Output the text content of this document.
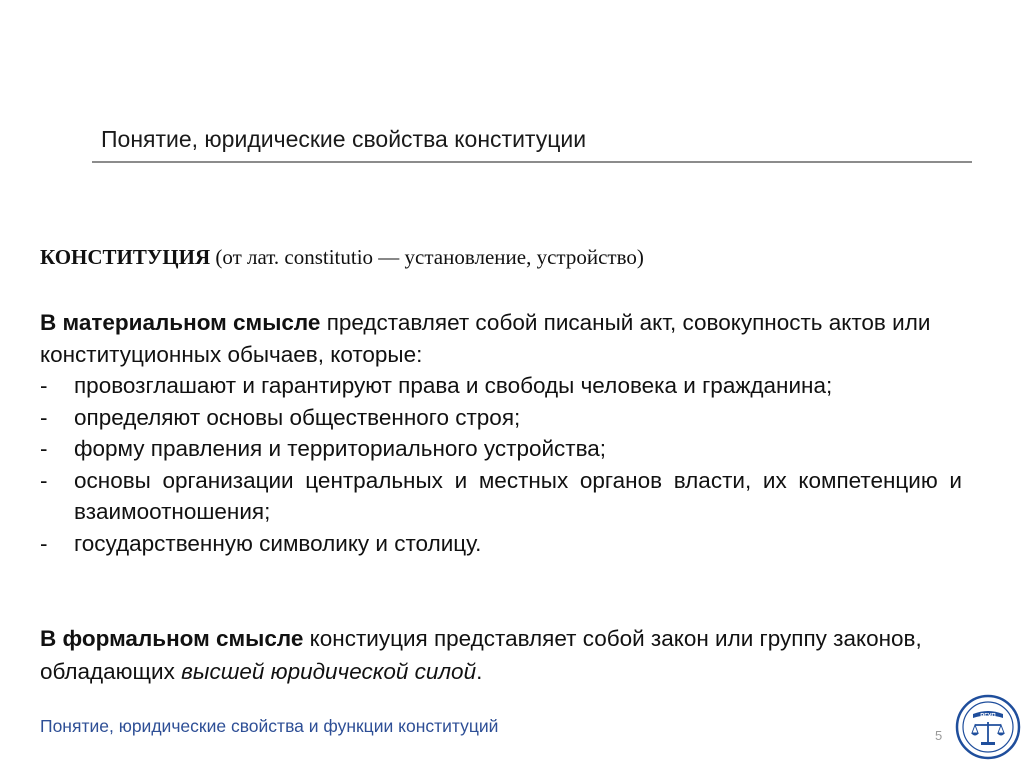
Понятие, юридические свойства конституции
КОНСТИТУЦИЯ (от лат. constitutio — установление, устройство)

В материальном смысле представляет собой писаный акт, совокупность актов или конституционных обычаев, которые:

- провозглашают и гарантируют права и свободы человека и гражданина;
- определяют основы общественного строя;
- форму правления и территориального устройства;
- основы организации центральных и местных органов власти, их компетенцию и взаимоотношения;
- государственную символику и столицу.

В формальном смысле констиуция представляет собой закон или группу законов, обладающих высшей юридической силой.

Понятие, юридические свойства и функции конституций	5
РГУП
